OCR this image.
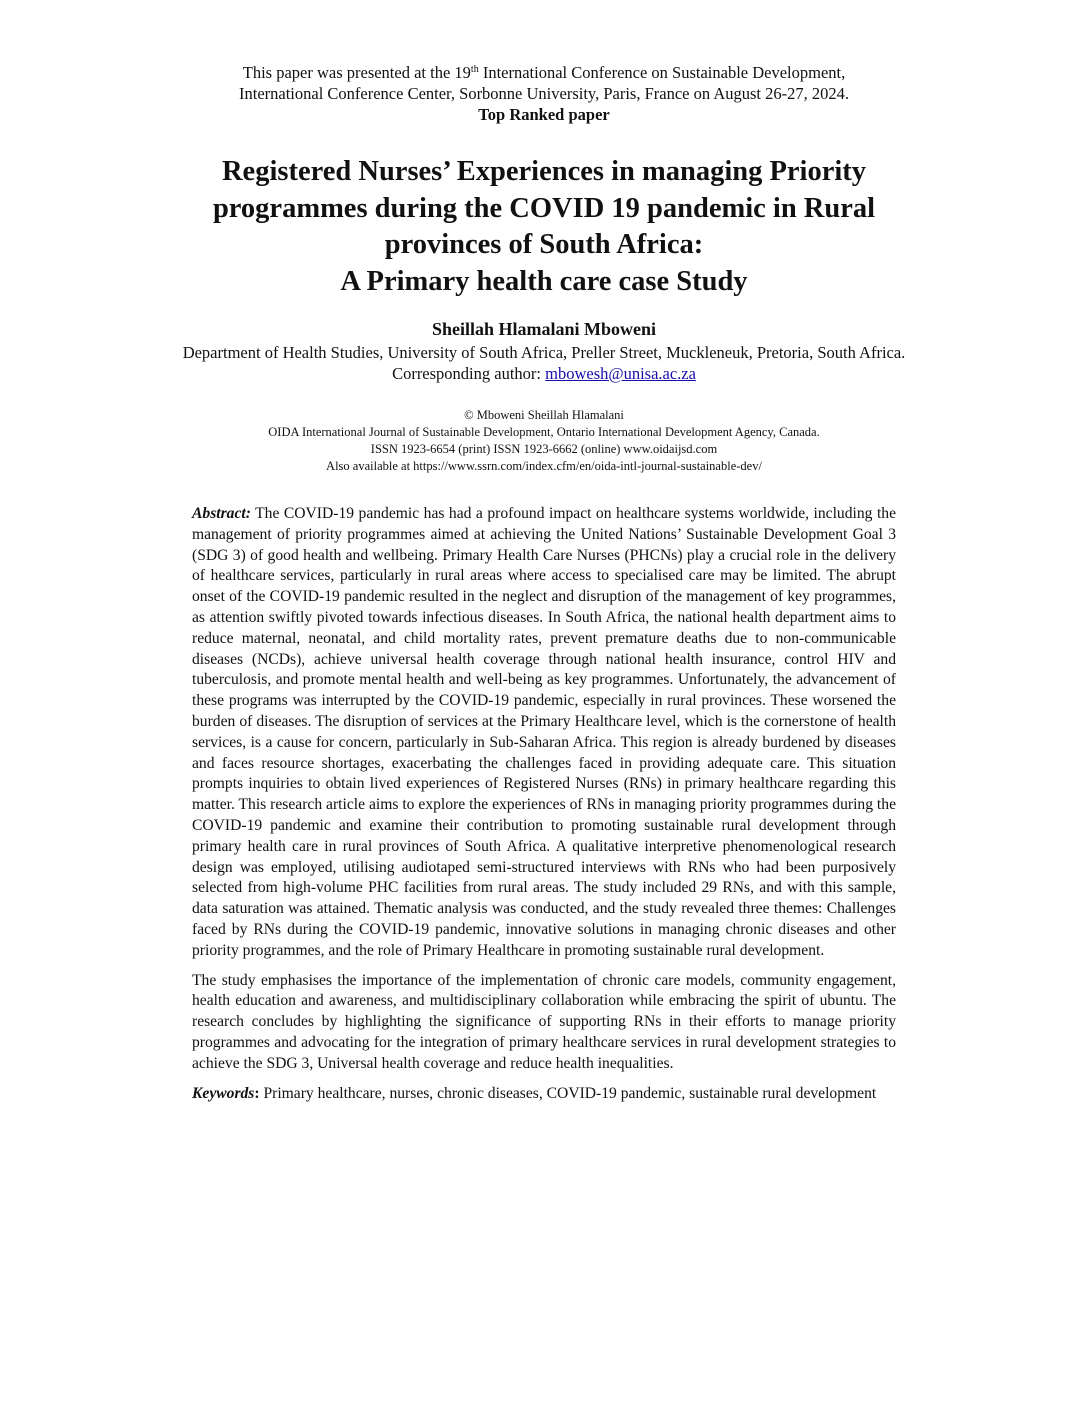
This paper was presented at the 19th International Conference on Sustainable Development,
International Conference Center, Sorbonne University, Paris, France on August 26-27, 2024.
Top Ranked paper
Registered Nurses’ Experiences in managing Priority
programmes during the COVID 19 pandemic in Rural
provinces of South Africa:
A Primary health care case Study
Sheillah Hlamalani Mboweni
Department of Health Studies, University of South Africa, Preller Street, Muckleneuk, Pretoria, South Africa.
Corresponding author: mbowesh@unisa.ac.za
© Mboweni Sheillah Hlamalani
OIDA International Journal of Sustainable Development, Ontario International Development Agency, Canada.
ISSN 1923-6654 (print) ISSN 1923-6662 (online) www.oidaijsd.com
Also available at https://www.ssrn.com/index.cfm/en/oida-intl-journal-sustainable-dev/

Abstract: The COVID-19 pandemic has had a profound impact on healthcare systems worldwide, including the management of priority programmes aimed at achieving the United Nations’ Sustainable Development Goal 3 (SDG 3) of good health and wellbeing. Primary Health Care Nurses (PHCNs) play a crucial role in the delivery of healthcare services, particularly in rural areas where access to specialised care may be limited. The abrupt onset of the COVID-19 pandemic resulted in the neglect and disruption of the management of key programmes, as attention swiftly pivoted towards infectious diseases. In South Africa, the national health department aims to reduce maternal, neonatal, and child mortality rates, prevent premature deaths due to non-communicable diseases (NCDs), achieve universal health coverage through national health insurance, control HIV and tuberculosis, and promote mental health and well-being as key programmes. Unfortunately, the advancement of these programs was interrupted by the COVID-19 pandemic, especially in rural provinces. These worsened the burden of diseases. The disruption of services at the Primary Healthcare level, which is the cornerstone of health services, is a cause for concern, particularly in Sub-Saharan Africa. This region is already burdened by diseases and faces resource shortages, exacerbating the challenges faced in providing adequate care. This situation prompts inquiries to obtain lived experiences of Registered Nurses (RNs) in primary healthcare regarding this matter. This research article aims to explore the experiences of RNs in managing priority programmes during the COVID-19 pandemic and examine their contribution to promoting sustainable rural development through primary health care in rural provinces of South Africa. A qualitative interpretive phenomenological research design was employed, utilising audiotaped semi-structured interviews with RNs who had been purposively selected from high-volume PHC facilities from rural areas. The study included 29 RNs, and with this sample, data saturation was attained. Thematic analysis was conducted, and the study revealed three themes: Challenges faced by RNs during the COVID-19 pandemic, innovative solutions in managing chronic diseases and other priority programmes, and the role of Primary Healthcare in promoting sustainable rural development.

The study emphasises the importance of the implementation of chronic care models, community engagement, health education and awareness, and multidisciplinary collaboration while embracing the spirit of ubuntu. The research concludes by highlighting the significance of supporting RNs in their efforts to manage priority programmes and advocating for the integration of primary healthcare services in rural development strategies to achieve the SDG 3, Universal health coverage and reduce health inequalities.

Keywords: Primary healthcare, nurses, chronic diseases, COVID-19 pandemic, sustainable rural development
